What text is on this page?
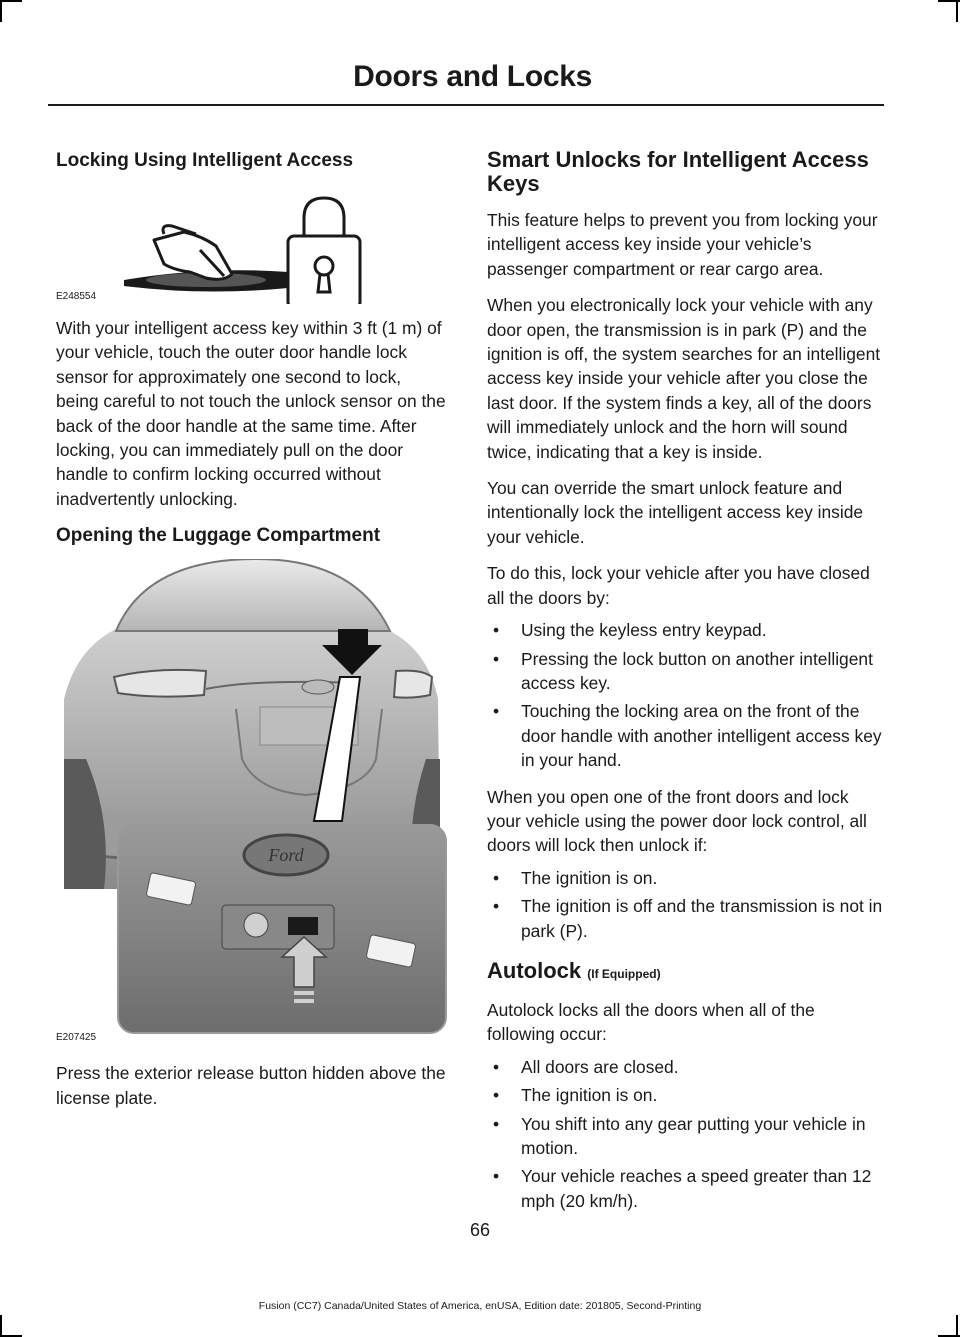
Doors and Locks
Locking Using Intelligent Access
E248554

With your intelligent access key within 3 ft (1 m) of your vehicle, touch the outer door handle lock sensor for approximately one second to lock, being careful to not touch the unlock sensor on the back of the door handle at the same time. After locking, you can immediately pull on the door handle to confirm locking occurred without inadvertently unlocking.

Opening the Luggage Compartment
Ford
E207425

Press the exterior release button hidden above the license plate.

Smart Unlocks for Intelligent Access Keys

This feature helps to prevent you from locking your intelligent access key inside your vehicle’s passenger compartment or rear cargo area.

When you electronically lock your vehicle with any door open, the transmission is in park (P) and the ignition is off, the system searches for an intelligent access key inside your vehicle after you close the last door. If the system finds a key, all of the doors will immediately unlock and the horn will sound twice, indicating that a key is inside.

You can override the smart unlock feature and intentionally lock the intelligent access key inside your vehicle.

To do this, lock your vehicle after you have closed all the doors by:

• Using the keyless entry keypad.
• Pressing the lock button on another intelligent access key.
• Touching the locking area on the front of the door handle with another intelligent access key in your hand.

When you open one of the front doors and lock your vehicle using the power door lock control, all doors will lock then unlock if:

• The ignition is on.
• The ignition is off and the transmission is not in park (P).
Autolock (If Equipped)

Autolock locks all the doors when all of the following occur:

• All doors are closed.
• The ignition is on.
• You shift into any gear putting your vehicle in motion.
• Your vehicle reaches a speed greater than 12 mph (20 km/h).
66
Fusion (CC7) Canada/United States of America, enUSA, Edition date: 201805, Second-Printing
